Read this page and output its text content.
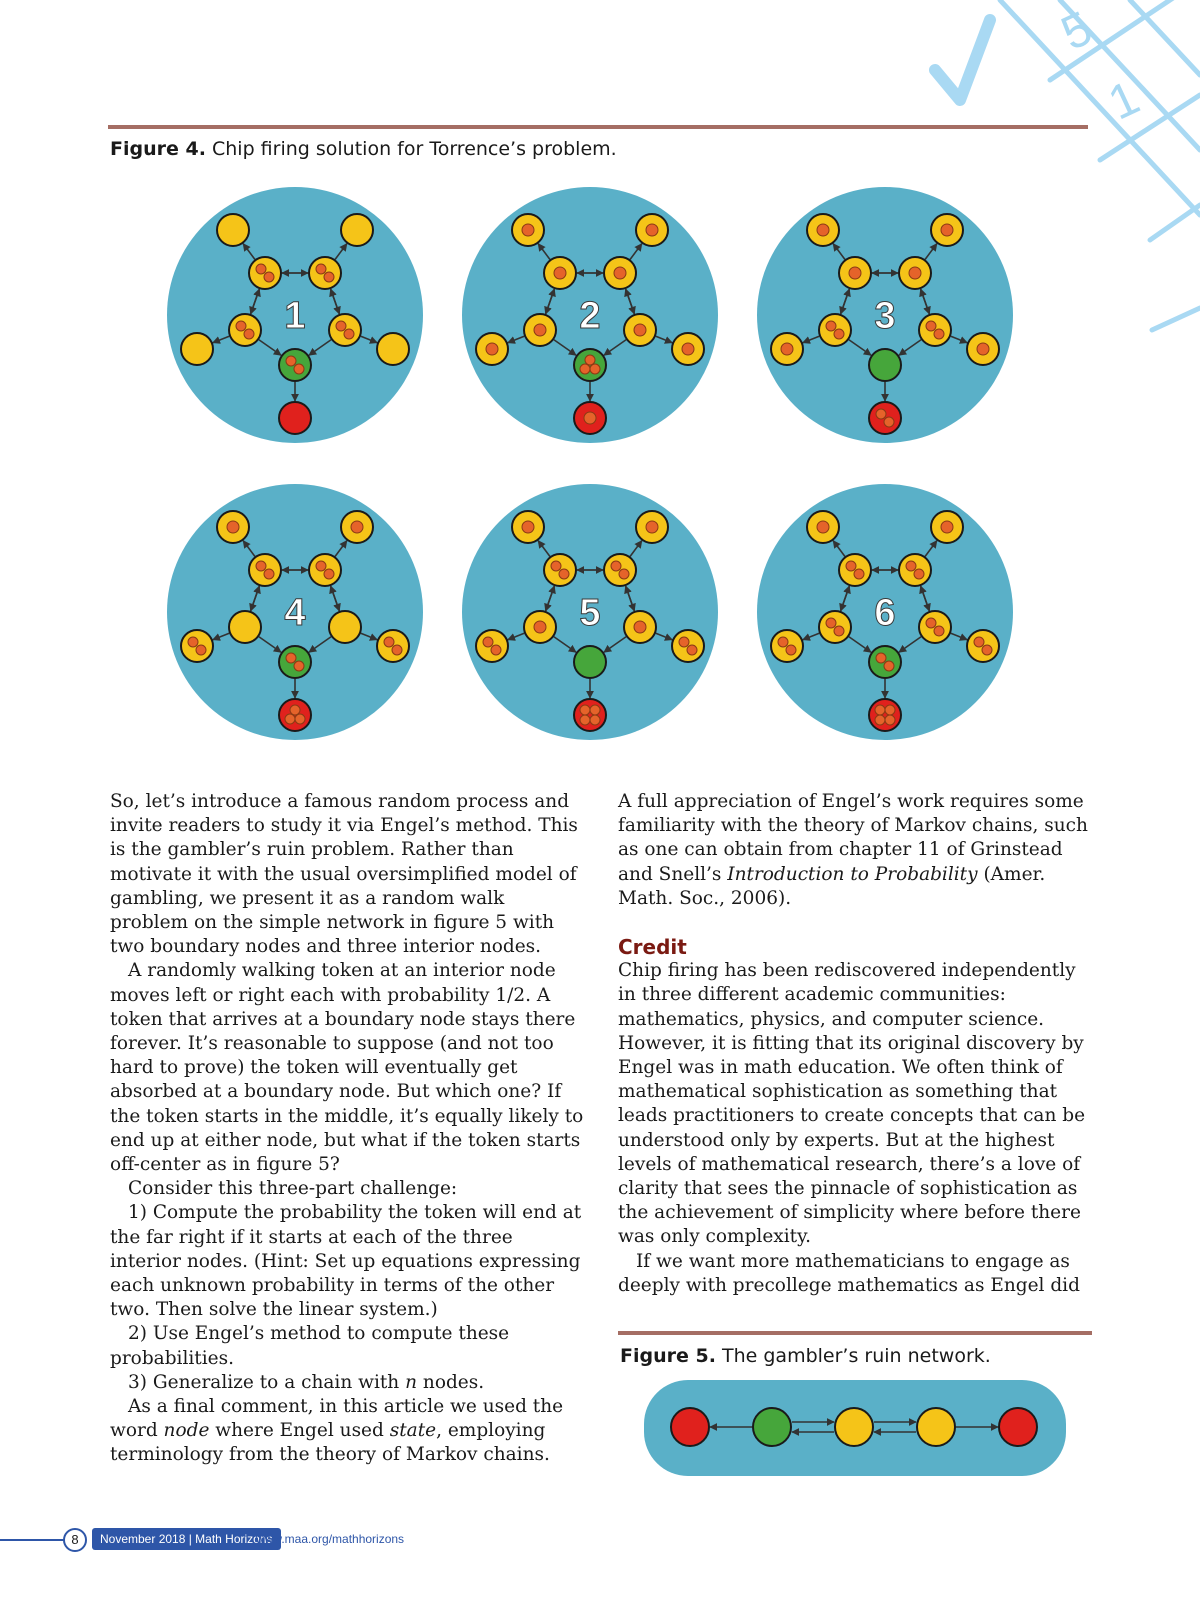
5
1
Figure 4. Chip firing solution for Torrence’s problem.
1	2	3
4	5	6

So, let’s introduce a famous random process and invite readers to study it via Engel’s method. This is the gambler’s ruin problem. Rather than motivate it with the usual oversimplified model of gambling, we present it as a random walk problem on the simple network in figure 5 with two boundary nodes and three interior nodes.

A randomly walking token at an interior node moves left or right each with probability 1/2. A token that arrives at a boundary node stays there forever. It’s reasonable to suppose (and not too hard to prove) the token will eventually get absorbed at a boundary node. But which one? If the token starts in the middle, it’s equally likely to end up at either node, but what if the token starts off-center as in figure 5?

Consider this three-part challenge:

1) Compute the probability the token will end at the far right if it starts at each of the three interior nodes. (Hint: Set up equations expressing each unknown probability in terms of the other two. Then solve the linear system.)

2) Use Engel’s method to compute these probabilities.

3) Generalize to a chain with n nodes.

As a final comment, in this article we used the word node where Engel used state, employing terminology from the theory of Markov chains.

A full appreciation of Engel’s work requires some familiarity with the theory of Markov chains, such as one can obtain from chapter 11 of Grinstead and Snell’s Introduction to Probability (Amer. Math. Soc., 2006).

Credit

Chip firing has been rediscovered independently in three different academic communities: mathematics, physics, and computer science. However, it is fitting that its original discovery by Engel was in math education. We often think of mathematical sophistication as something that leads practitioners to create concepts that can be understood only by experts. But at the highest levels of mathematical research, there’s a love of clarity that sees the pinnacle of sophistication as the achievement of simplicity where before there was only complexity.

If we want more mathematicians to engage as deeply with precollege mathematics as Engel did

Figure 5. The gambler’s ruin network.
8	November 2018 | Math Horizons
www.maa.org/mathhorizons
